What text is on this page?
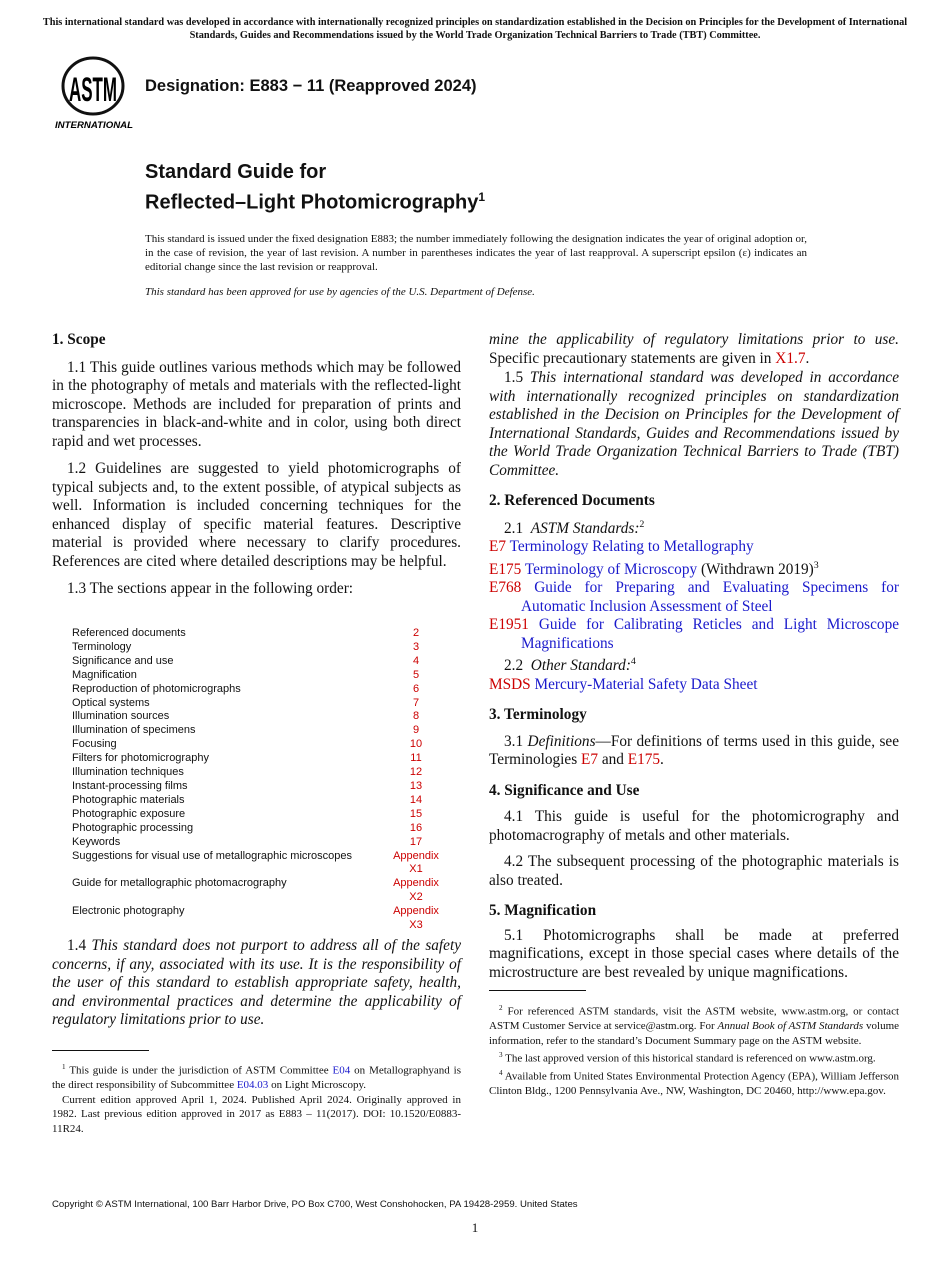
This international standard was developed in accordance with internationally recognized principles on standardization established in the Decision on Principles for the Development of International Standards, Guides and Recommendations issued by the World Trade Organization Technical Barriers to Trade (TBT) Committee.
ASTM
INTERNATIONAL
Designation: E883 − 11 (Reapproved 2024)
Standard Guide for
Reflected–Light Photomicrography$^1$
This standard is issued under the fixed designation E883; the number immediately following the designation indicates the year of original adoption or, in the case of revision, the year of last revision. A number in parentheses indicates the year of last reapproval. A superscript epsilon (ε) indicates an editorial change since the last revision or reapproval.
This standard has been approved for use by agencies of the U.S. Department of Defense.
1. Scope

1.1 This guide outlines various methods which may be followed in the photography of metals and materials with the reflected-light microscope. Methods are included for preparation of prints and transparencies in black-and-white and in color, using both direct rapid and wet processes.

1.2 Guidelines are suggested to yield photomicrographs of typical subjects and, to the extent possible, of atypical subjects as well. Information is included concerning techniques for the enhanced display of specific material features. Descriptive material is provided where necessary to clarify procedures. References are cited where detailed descriptions may be helpful.

1.3 The sections appear in the following order:

Referenced documents	2
Terminology	3
Significance and use	4
Magnification	5
Reproduction of photomicrographs	6
Optical systems	7
Illumination sources	8
Illumination of specimens	9
Focusing	10
Filters for photomicrography	11
Illumination techniques	12
Instant-processing films	13
Photographic materials	14
Photographic exposure	15
Photographic processing	16
Keywords	17
Suggestions for visual use of metallographic microscopes	Appendix
X1
Guide for metallographic photomacrography	Appendix
X2
Electronic photography	Appendix
X3

1.4 This standard does not purport to address all of the safety concerns, if any, associated with its use. It is the responsibility of the user of this standard to establish appropriate safety, health, and environmental practices and determine the applicability of regulatory limitations prior to use.

$^1$ This guide is under the jurisdiction of ASTM Committee E04 on Metallographyand is the direct responsibility of Subcommittee E04.03 on Light Microscopy.

Current edition approved April 1, 2024. Published April 2024. Originally approved in 1982. Last previous edition approved in 2017 as E883 – 11(2017). DOI: 10.1520/E0883-11R24.

mine the applicability of regulatory limitations prior to use. Specific precautionary statements are given in X1.7.

1.5 This international standard was developed in accordance with internationally recognized principles on standardization established in the Decision on Principles for the Development of International Standards, Guides and Recommendations issued by the World Trade Organization Technical Barriers to Trade (TBT) Committee.

2. Referenced Documents

2.1 ASTM Standards:$^2$

E7 Terminology Relating to Metallography

E175 Terminology of Microscopy (Withdrawn 2019)$^3$

E768 Guide for Preparing and Evaluating Specimens for Automatic Inclusion Assessment of Steel

E1951 Guide for Calibrating Reticles and Light Microscope Magnifications

2.2 Other Standard:$^4$

MSDS Mercury-Material Safety Data Sheet

3. Terminology

3.1 Definitions—For definitions of terms used in this guide, see Terminologies E7 and E175.

4. Significance and Use

4.1 This guide is useful for the photomicrography and photomacrography of metals and other materials.

4.2 The subsequent processing of the photographic materials is also treated.

5. Magnification

5.1 Photomicrographs shall be made at preferred magnifications, except in those special cases where details of the microstructure are best revealed by unique magnifications.

$^2$ For referenced ASTM standards, visit the ASTM website, www.astm.org, or contact ASTM Customer Service at service@astm.org. For Annual Book of ASTM Standards volume information, refer to the standard’s Document Summary page on the ASTM website.

$^3$ The last approved version of this historical standard is referenced on www.astm.org.

$^4$ Available from United States Environmental Protection Agency (EPA), William Jefferson Clinton Bldg., 1200 Pennsylvania Ave., NW, Washington, DC 20460, http://www.epa.gov.

Copyright © ASTM International, 100 Barr Harbor Drive, PO Box C700, West Conshohocken, PA 19428-2959. United States
1
